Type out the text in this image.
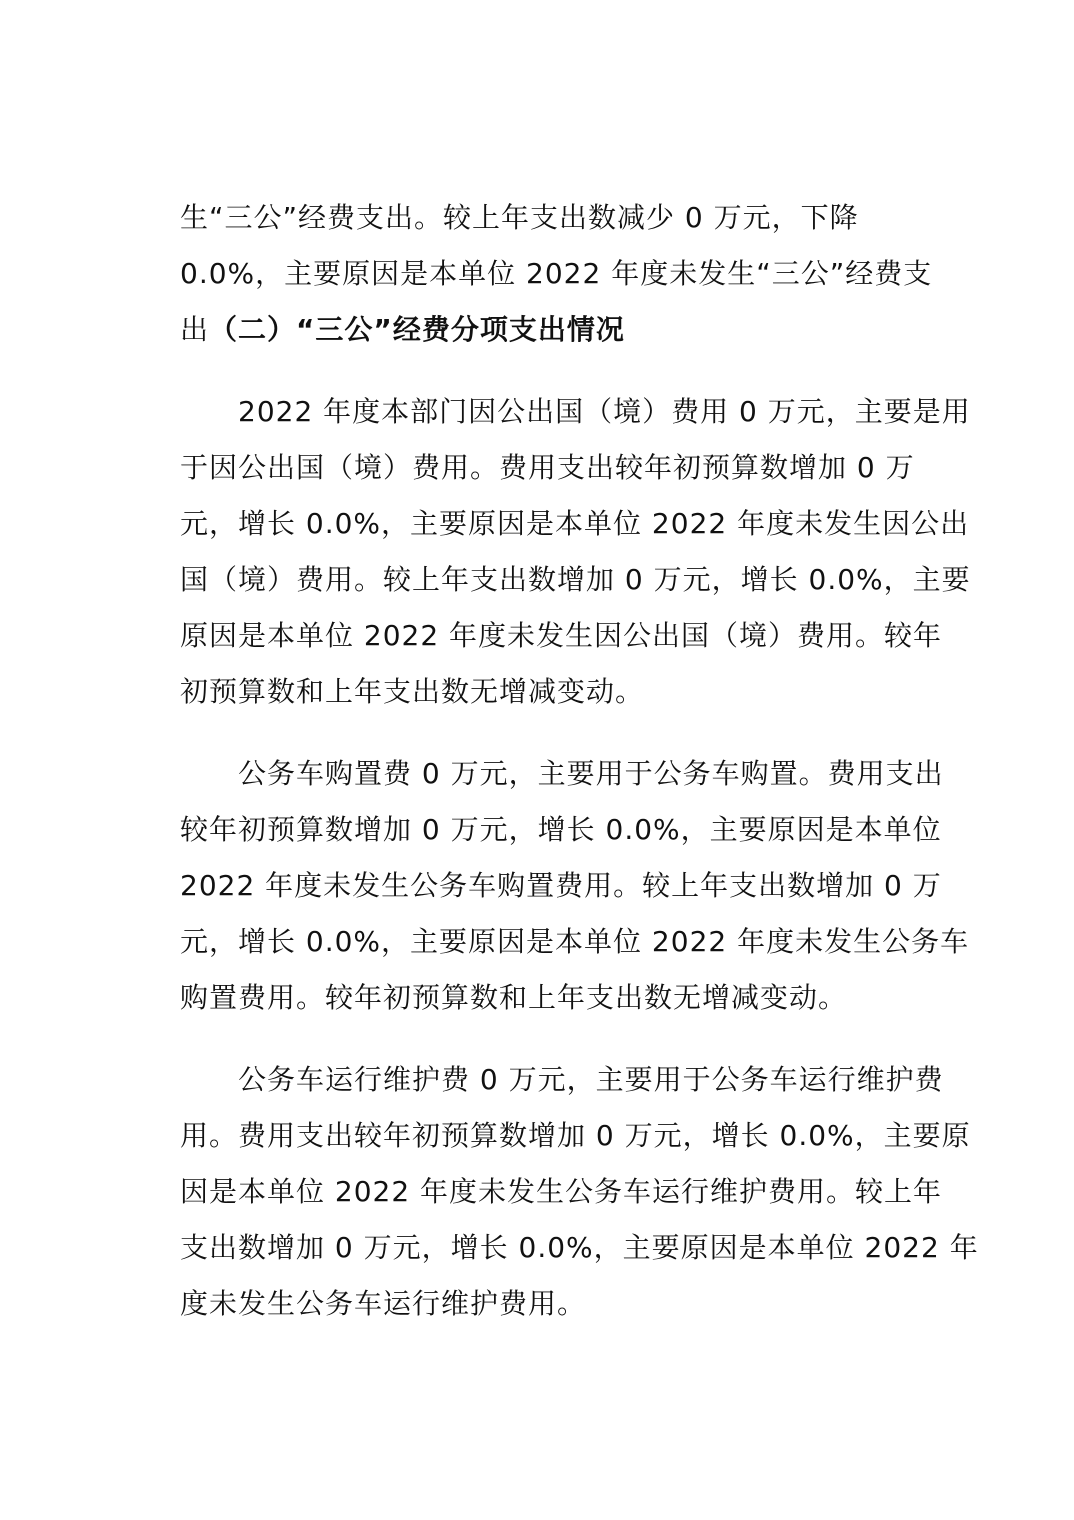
生“三公”经费支出。较上年支出数减少 0 万元，下降
0.0%，主要原因是本单位 2022 年度未发生“三公”经费支
出（二）“三公”经费分项支出情况
2022 年度本部门因公出国（境）费用 0 万元，主要是用
于因公出国（境）费用。费用支出较年初预算数增加 0 万
元，增长 0.0%，主要原因是本单位 2022 年度未发生因公出
国（境）费用。较上年支出数增加 0 万元，增长 0.0%，主要
原因是本单位 2022 年度未发生因公出国（境）费用。较年
初预算数和上年支出数无增减变动。
公务车购置费 0 万元，主要用于公务车购置。费用支出
较年初预算数增加 0 万元，增长 0.0%，主要原因是本单位
2022 年度未发生公务车购置费用。较上年支出数增加 0 万
元，增长 0.0%，主要原因是本单位 2022 年度未发生公务车
购置费用。较年初预算数和上年支出数无增减变动。
公务车运行维护费 0 万元，主要用于公务车运行维护费
用。费用支出较年初预算数增加 0 万元，增长 0.0%，主要原
因是本单位 2022 年度未发生公务车运行维护费用。较上年
支出数增加 0 万元，增长 0.0%，主要原因是本单位 2022 年
度未发生公务车运行维护费用。
